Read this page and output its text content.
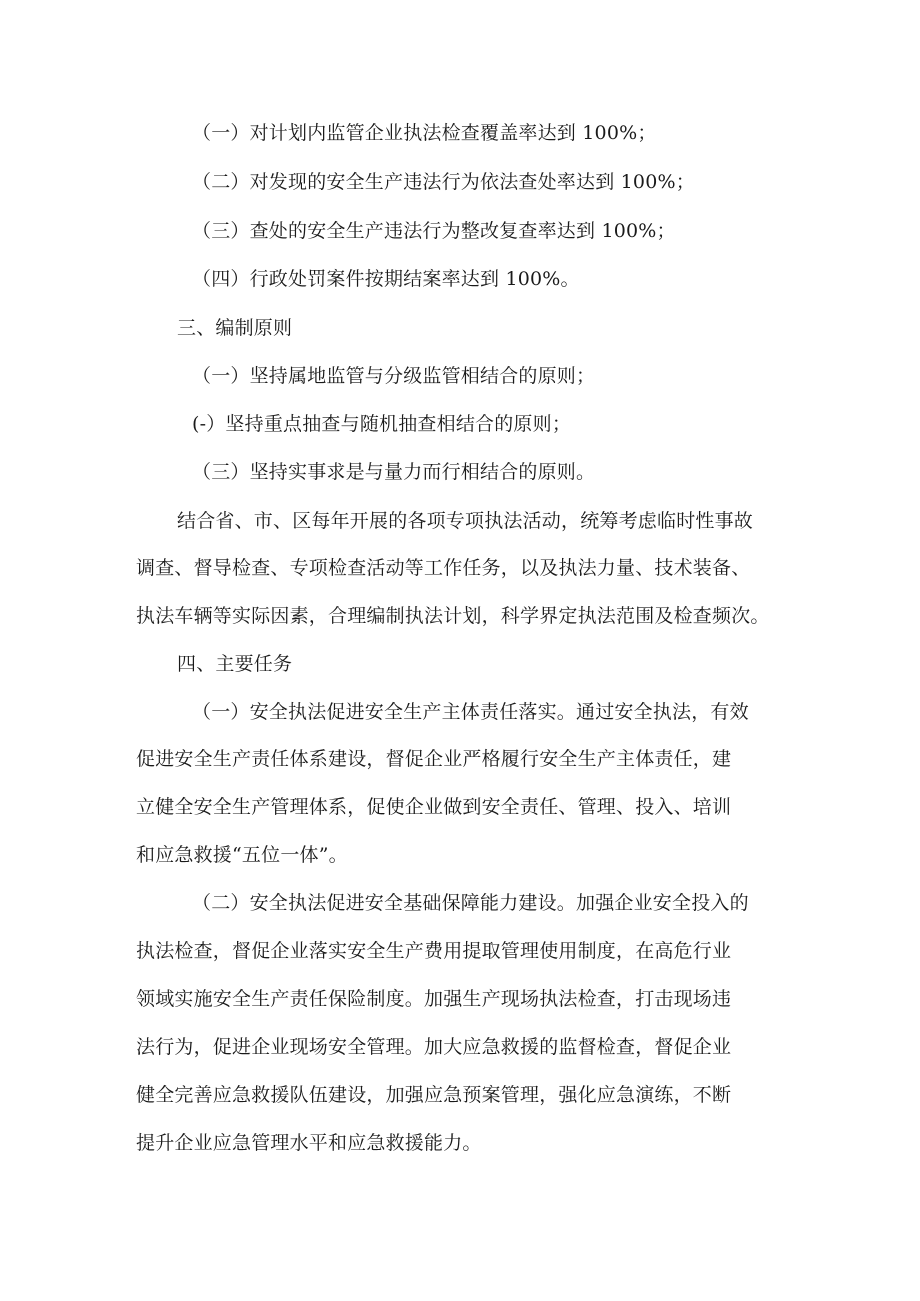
（一）对计划内监管企业执法检查覆盖率达到 100%；
（二）对发现的安全生产违法行为依法查处率达到 100%；
（三）查处的安全生产违法行为整改复查率达到 100%；
（四）行政处罚案件按期结案率达到 100%。
三、编制原则
（一）坚持属地监管与分级监管相结合的原则；
(-）坚持重点抽查与随机抽查相结合的原则；
（三）坚持实事求是与量力而行相结合的原则。
结合省、市、区每年开展的各项专项执法活动，统筹考虑临时性事故
调查、督导检查、专项检查活动等工作任务，以及执法力量、技术装备、
执法车辆等实际因素，合理编制执法计划，科学界定执法范围及检查频次。
四、主要任务
（一）安全执法促进安全生产主体责任落实。通过安全执法，有效
促进安全生产责任体系建设，督促企业严格履行安全生产主体责任，建
立健全安全生产管理体系，促使企业做到安全责任、管理、投入、培训
和应急救援“五位一体”。
（二）安全执法促进安全基础保障能力建设。加强企业安全投入的
执法检查，督促企业落实安全生产费用提取管理使用制度，在高危行业
领域实施安全生产责任保险制度。加强生产现场执法检查，打击现场违
法行为，促进企业现场安全管理。加大应急救援的监督检查，督促企业
健全完善应急救援队伍建设，加强应急预案管理，强化应急演练，不断
提升企业应急管理水平和应急救援能力。
